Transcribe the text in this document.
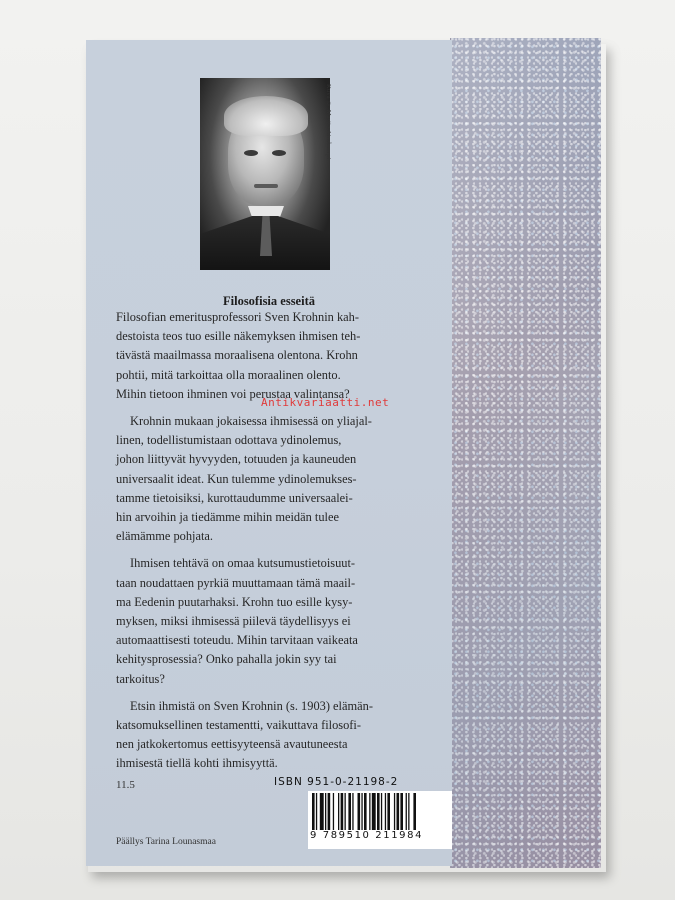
Kuva © Martta Airaksorpi
Filosofisia esseitä

Filosofian emeritusprofessori Sven Krohnin kah-
destoista teos tuo esille näkemyksen ihmisen teh-
tävästä maailmassa moraalisena olentona. Krohn
pohtii, mitä tarkoittaa olla moraalinen olento.
Mihin tietoon ihminen voi perustaa valintansa?

Krohnin mukaan jokaisessa ihmisessä on yliajal-
linen, todellistumistaan odottava ydinolemus,
johon liittyvät hyvyyden, totuuden ja kauneuden
universaalit ideat. Kun tulemme ydinolemukses-
tamme tietoisiksi, kurottaudumme universaalei-
hin arvoihin ja tiedämme mihin meidän tulee
elämämme pohjata.

Ihmisen tehtävä on omaa kutsumustietoisuut-
taan noudattaen pyrkiä muuttamaan tämä maail-
ma Eedenin puutarhaksi. Krohn tuo esille kysy-
myksen, miksi ihmisessä piilevä täydellisyys ei
automaattisesti toteudu. Mihin tarvitaan vaikeata
kehitysprosessia? Onko pahalla jokin syy tai
tarkoitus?

Etsin ihmistä on Sven Krohnin (s. 1903) elämän-
katsomuksellinen testamentti, vaikuttava filosofi-
nen jatkokertomus eettisyyteensä avautuneesta
ihmisestä tiellä kohti ihmisyyttä.

Antikvariaatti.net
11.5	ISBN 951-0-21198-2
9 789510 211984
Päällys Tarina Lounasmaa
